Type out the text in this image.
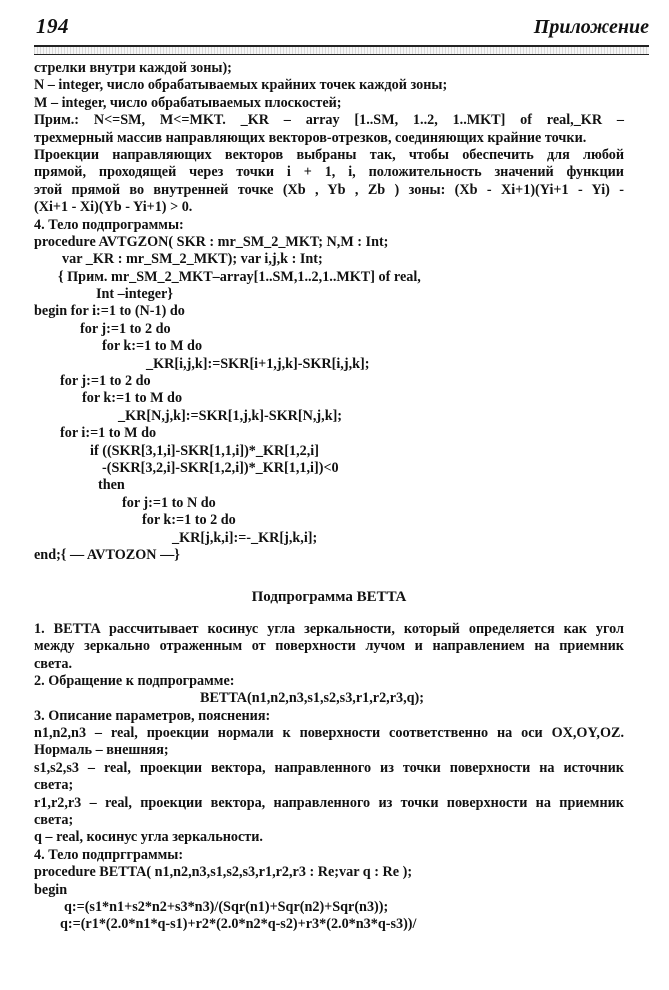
194	Приложение
стрелки внутри каждой зоны);
N – integer, число обрабатываемых крайних точек каждой зоны;
M – integer, число обрабатываемых плоскостей;
Прим.: N<=SM, M<=MKT. _KR – array [1..SM, 1..2, 1..MKT] of real,_KR –
трехмерный массив направляющих векторов-отрезков, соединяющих крайние точки.
Проекции направляющих векторов выбраны так, чтобы обеспечить для любой
прямой, проходящей через точки i + 1, i, положительность значений функции
этой прямой во внутренней точке (Xb , Yb , Zb ) зоны: (Xb - Xi+1)(Yi+1 - Yi) -
(Xi+1 - Xi)(Yb - Yi+1) > 0.
4. Тело подпрограммы:
procedure AVTGZON( SKR : mr_SM_2_MKT; N,M : Int;
var _KR : mr_SM_2_MKT); var i,j,k : Int;
{ Прим. mr_SM_2_MKT–array[1..SM,1..2,1..MKT] of real,
Int –integer}
begin for i:=1 to (N-1) do
for j:=1 to 2 do
for k:=1 to M do
_KR[i,j,k]:=SKR[i+1,j,k]-SKR[i,j,k];
for j:=1 to 2 do
for k:=1 to M do
_KR[N,j,k]:=SKR[1,j,k]-SKR[N,j,k];
for i:=1 to M do
if ((SKR[3,1,i]-SKR[1,1,i])*_KR[1,2,i]
-(SKR[3,2,i]-SKR[1,2,i])*_KR[1,1,i])<0
then
for j:=1 to N do
for k:=1 to 2 do
_KR[j,k,i]:=-_KR[j,k,i];
end;{ — AVTOZON —}
Подпрограмма BETTA
1. BETTA рассчитывает косинус угла зеркальности, который определяется как угол
между зеркально отраженным от поверхности лучом и направлением на приемник
света.
2. Обращение к подпрограмме:
BETTA(n1,n2,n3,s1,s2,s3,r1,r2,r3,q);
3. Описание параметров, пояснения:
n1,n2,n3 – real, проекции нормали к поверхности соответственно на оси OX,OY,OZ.
Нормаль – внешняя;
s1,s2,s3 – real, проекции вектора, направленного из точки поверхности на источник
света;
r1,r2,r3 – real, проекции вектора, направленного из точки поверхности на приемник
света;
q – real, косинус угла зеркальности.
4. Тело подпргграммы:
procedure BETTA( n1,n2,n3,s1,s2,s3,r1,r2,r3 : Re;var q : Re );
begin
q:=(s1*n1+s2*n2+s3*n3)/(Sqr(n1)+Sqr(n2)+Sqr(n3));
q:=(r1*(2.0*n1*q-s1)+r2*(2.0*n2*q-s2)+r3*(2.0*n3*q-s3))/
